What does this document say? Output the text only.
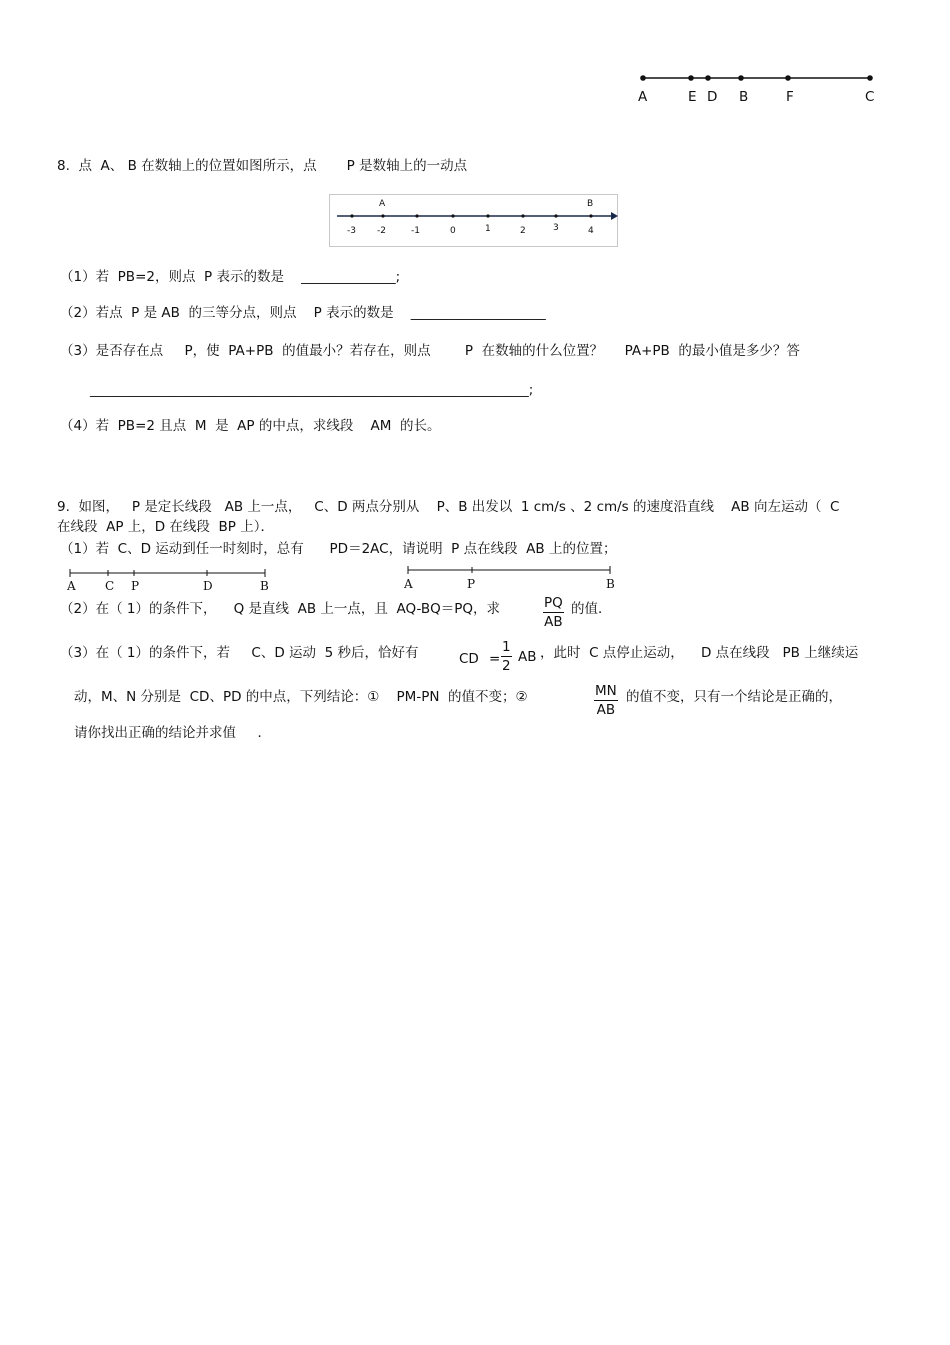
A	E D B	F	C
8.  点  A、 B 在数轴上的位置如图所示，点       P 是数轴上的一动点
A	B
-3 -2	-1	0	1	2	3	4
（1）若  PB=2，则点  P 表示的数是    ______________;
（2）若点  P 是 AB  的三等分点，则点    P 表示的数是    ____________________
（3）是否存在点     P，使  PA+PB  的值最小？若存在，则点        P  在数轴的什么位置？     PA+PB  的最小值是多少？答
_________________________________________________________________;
（4）若  PB=2 且点  M  是  AP 的中点，求线段    AM  的长。
9.  如图，   P 是定长线段   AB 上一点，   C、D 两点分别从    P、B 出发以  1 cm/s 、2 cm/s 的速度沿直线    AB 向左运动（  C
在线段  AP 上，D 在线段  BP 上）．
（1）若  C、D 运动到任一时刻时，总有      PD＝2AC，请说明  P 点在线段  AB 上的位置；
A C P	D	B	A	P	B
（2）在（ 1）的条件下，    Q 是直线  AB 上一点，且  AQ-BQ＝PQ，求	$\frac{PQ}{AB}$ 的值．
（3）在（ 1）的条件下，若     C、D 运动  5 秒后，恰好有	CD = $\frac{1}{2}$ AB ，此时  C 点停止运动，    D 点在线段   PB 上继续运
动，M、N 分别是  CD、PD 的中点，下列结论：①    PM-PN  的值不变；②	$\frac{MN}{AB}$ 的值不变，只有一个结论是正确的，
请你找出正确的结论并求值     ．
